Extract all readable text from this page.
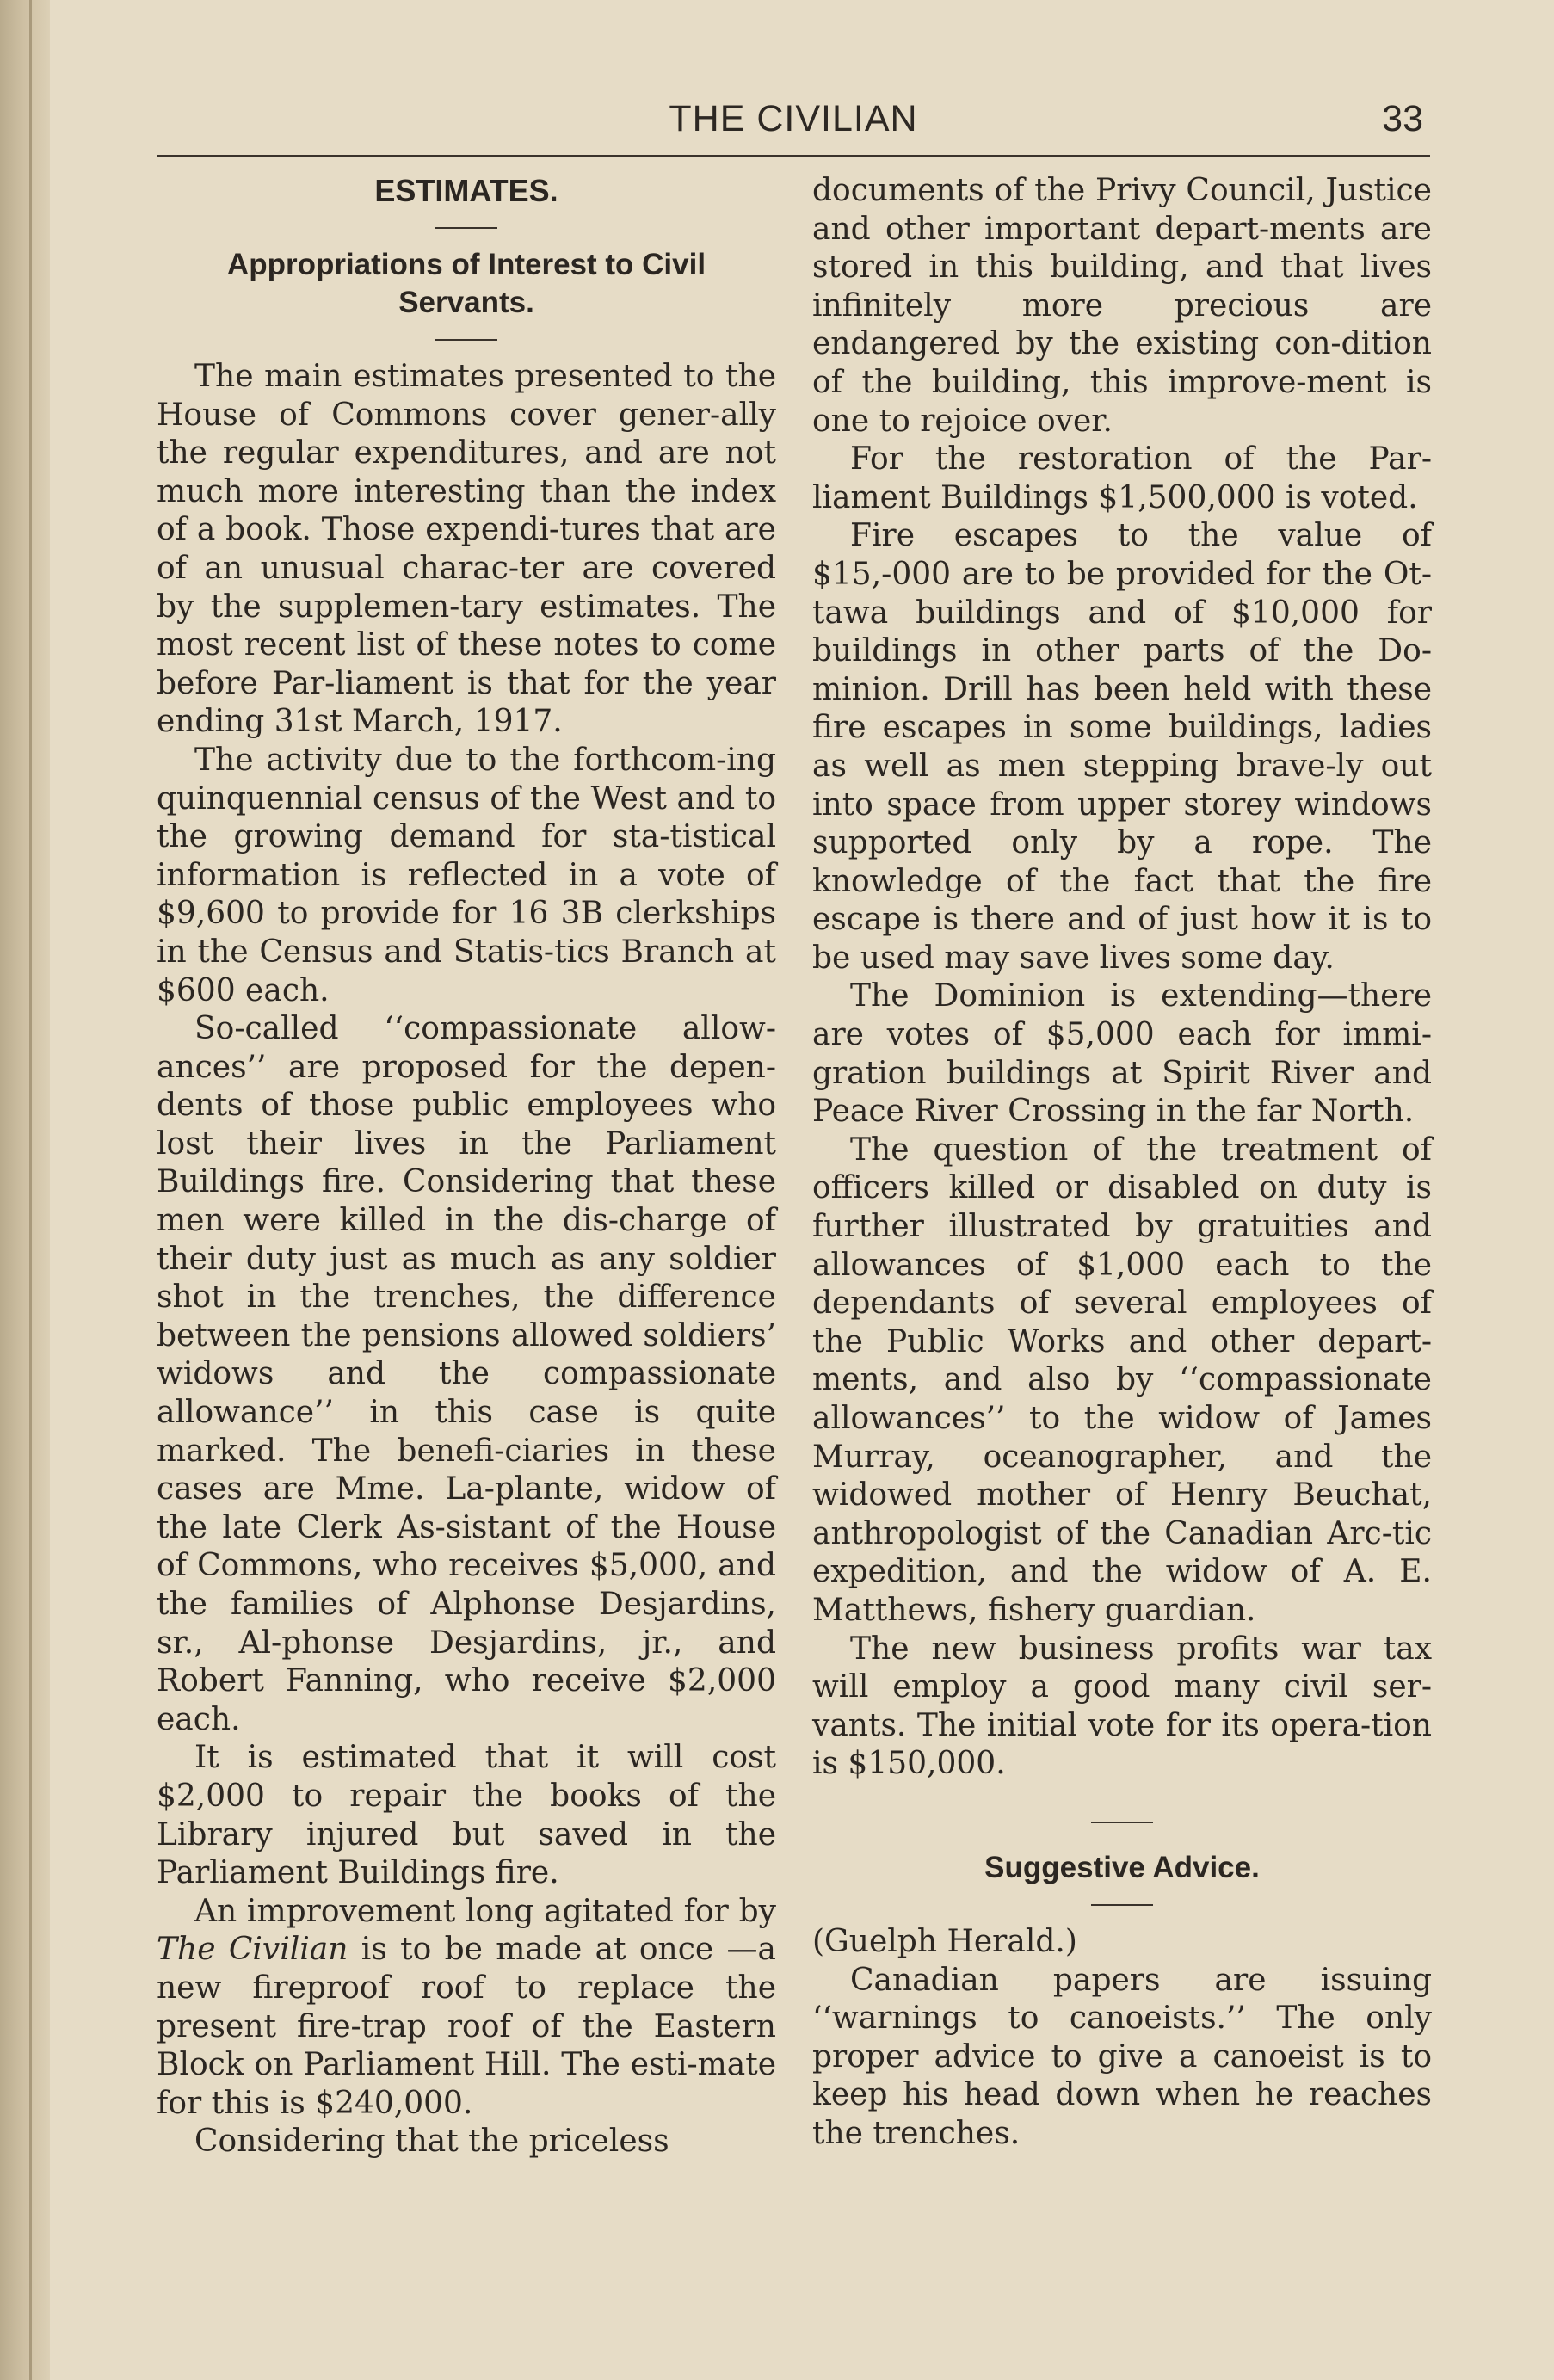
THE CIVILIAN	33
ESTIMATES.
Appropriations of Interest to Civil Servants.

The main estimates presented to the House of Commons cover gener-ally the regular expenditures, and are not much more interesting than the index of a book. Those expendi-tures that are of an unusual charac-ter are covered by the supplemen-tary estimates. The most recent list of these notes to come before Par-liament is that for the year ending 31st March, 1917.

The activity due to the forthcom-ing quinquennial census of the West and to the growing demand for sta-tistical information is reflected in a vote of $9,600 to provide for 16 3B clerkships in the Census and Statis-tics Branch at $600 each.

So-called ‘‘compassionate allow-ances’’ are proposed for the depen-dents of those public employees who lost their lives in the Parliament Buildings fire. Considering that these men were killed in the dis-charge of their duty just as much as any soldier shot in the trenches, the difference between the pensions allowed soldiers’ widows and the compassionate allowance’’ in this case is quite marked. The benefi-ciaries in these cases are Mme. La-plante, widow of the late Clerk As-sistant of the House of Commons, who receives $5,000, and the families of Alphonse Desjardins, sr., Al-phonse Desjardins, jr., and Robert Fanning, who receive $2,000 each.

It is estimated that it will cost $2,000 to repair the books of the Library injured but saved in the Parliament Buildings fire.

An improvement long agitated for by The Civilian is to be made at once —a new fireproof roof to replace the present fire-trap roof of the Eastern Block on Parliament Hill. The esti-mate for this is $240,000.

Considering that the priceless

documents of the Privy Council, Justice and other important depart-ments are stored in this building, and that lives infinitely more precious are endangered by the existing con-dition of the building, this improve-ment is one to rejoice over.

For the restoration of the Par-liament Buildings $1,500,000 is voted.

Fire escapes to the value of $15,-000 are to be provided for the Ot-tawa buildings and of $10,000 for buildings in other parts of the Do-minion. Drill has been held with these fire escapes in some buildings, ladies as well as men stepping brave-ly out into space from upper storey windows supported only by a rope. The knowledge of the fact that the fire escape is there and of just how it is to be used may save lives some day.

The Dominion is extending—there are votes of $5,000 each for immi-gration buildings at Spirit River and Peace River Crossing in the far North.

The question of the treatment of officers killed or disabled on duty is further illustrated by gratuities and allowances of $1,000 each to the dependants of several employees of the Public Works and other depart-ments, and also by ‘‘compassionate allowances’’ to the widow of James Murray, oceanographer, and the widowed mother of Henry Beuchat, anthropologist of the Canadian Arc-tic expedition, and the widow of A. E. Matthews, fishery guardian.

The new business profits war tax will employ a good many civil ser-vants. The initial vote for its opera-tion is $150,000.

Suggestive Advice.

(Guelph Herald.)

Canadian papers are issuing ‘‘warnings to canoeists.’’ The only proper advice to give a canoeist is to keep his head down when he reaches the trenches.
